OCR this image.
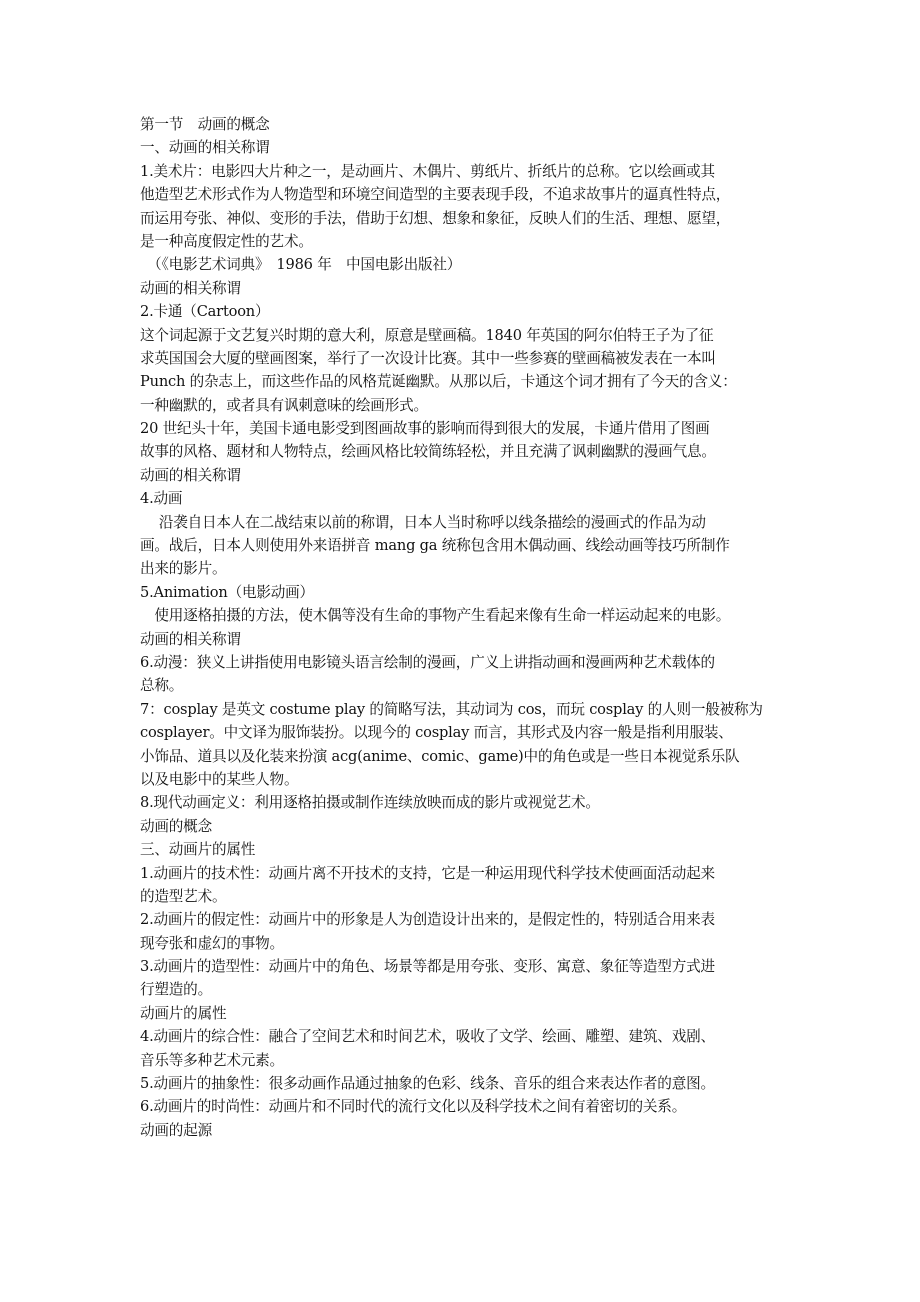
第一节　动画的概念
一、动画的相关称谓
1.美术片：电影四大片种之一，是动画片、木偶片、剪纸片、折纸片的总称。它以绘画或其
他造型艺术形式作为人物造型和环境空间造型的主要表现手段，不追求故事片的逼真性特点，
而运用夸张、神似、变形的手法，借助于幻想、想象和象征，反映人们的生活、理想、愿望，
是一种高度假定性的艺术。
　（《电影艺术词典》　1986 年　中国电影出版社）
动画的相关称谓
2.卡通（Cartoon）
这个词起源于文艺复兴时期的意大利，原意是壁画稿。1840 年英国的阿尔伯特王子为了征
求英国国会大厦的壁画图案，举行了一次设计比赛。其中一些参赛的壁画稿被发表在一本叫
Punch 的杂志上，而这些作品的风格荒诞幽默。从那以后，卡通这个词才拥有了今天的含义：
一种幽默的，或者具有讽刺意味的绘画形式。
20 世纪头十年，美国卡通电影受到图画故事的影响而得到很大的发展，卡通片借用了图画
故事的风格、题材和人物特点，绘画风格比较简练轻松，并且充满了讽刺幽默的漫画气息。
动画的相关称谓
4.动画
　 沿袭自日本人在二战结束以前的称谓，日本人当时称呼以线条描绘的漫画式的作品为动
画。战后，日本人则使用外来语拼音 mang ga 统称包含用木偶动画、线绘动画等技巧所制作
出来的影片。
5.Animation（电影动画）
　使用逐格拍摄的方法，使木偶等没有生命的事物产生看起来像有生命一样运动起来的电影。
动画的相关称谓
6.动漫：狭义上讲指使用电影镜头语言绘制的漫画，广义上讲指动画和漫画两种艺术载体的
总称。
7：cosplay 是英文 costume play 的简略写法，其动词为 cos，而玩 cosplay 的人则一般被称为
cosplayer。中文译为服饰装扮。以现今的 cosplay 而言，其形式及内容一般是指利用服装、
小饰品、道具以及化装来扮演 acg(anime、comic、game)中的角色或是一些日本视觉系乐队
以及电影中的某些人物。
8.现代动画定义：利用逐格拍摄或制作连续放映而成的影片或视觉艺术。
动画的概念
三、动画片的属性
1.动画片的技术性：动画片离不开技术的支持，它是一种运用现代科学技术使画面活动起来
的造型艺术。
2.动画片的假定性：动画片中的形象是人为创造设计出来的，是假定性的，特别适合用来表
现夸张和虚幻的事物。
3.动画片的造型性：动画片中的角色、场景等都是用夸张、变形、寓意、象征等造型方式进
行塑造的。
动画片的属性
4.动画片的综合性：融合了空间艺术和时间艺术，吸收了文学、绘画、雕塑、建筑、戏剧、
音乐等多种艺术元素。
5.动画片的抽象性：很多动画作品通过抽象的色彩、线条、音乐的组合来表达作者的意图。
6.动画片的时尚性：动画片和不同时代的流行文化以及科学技术之间有着密切的关系。
动画的起源
